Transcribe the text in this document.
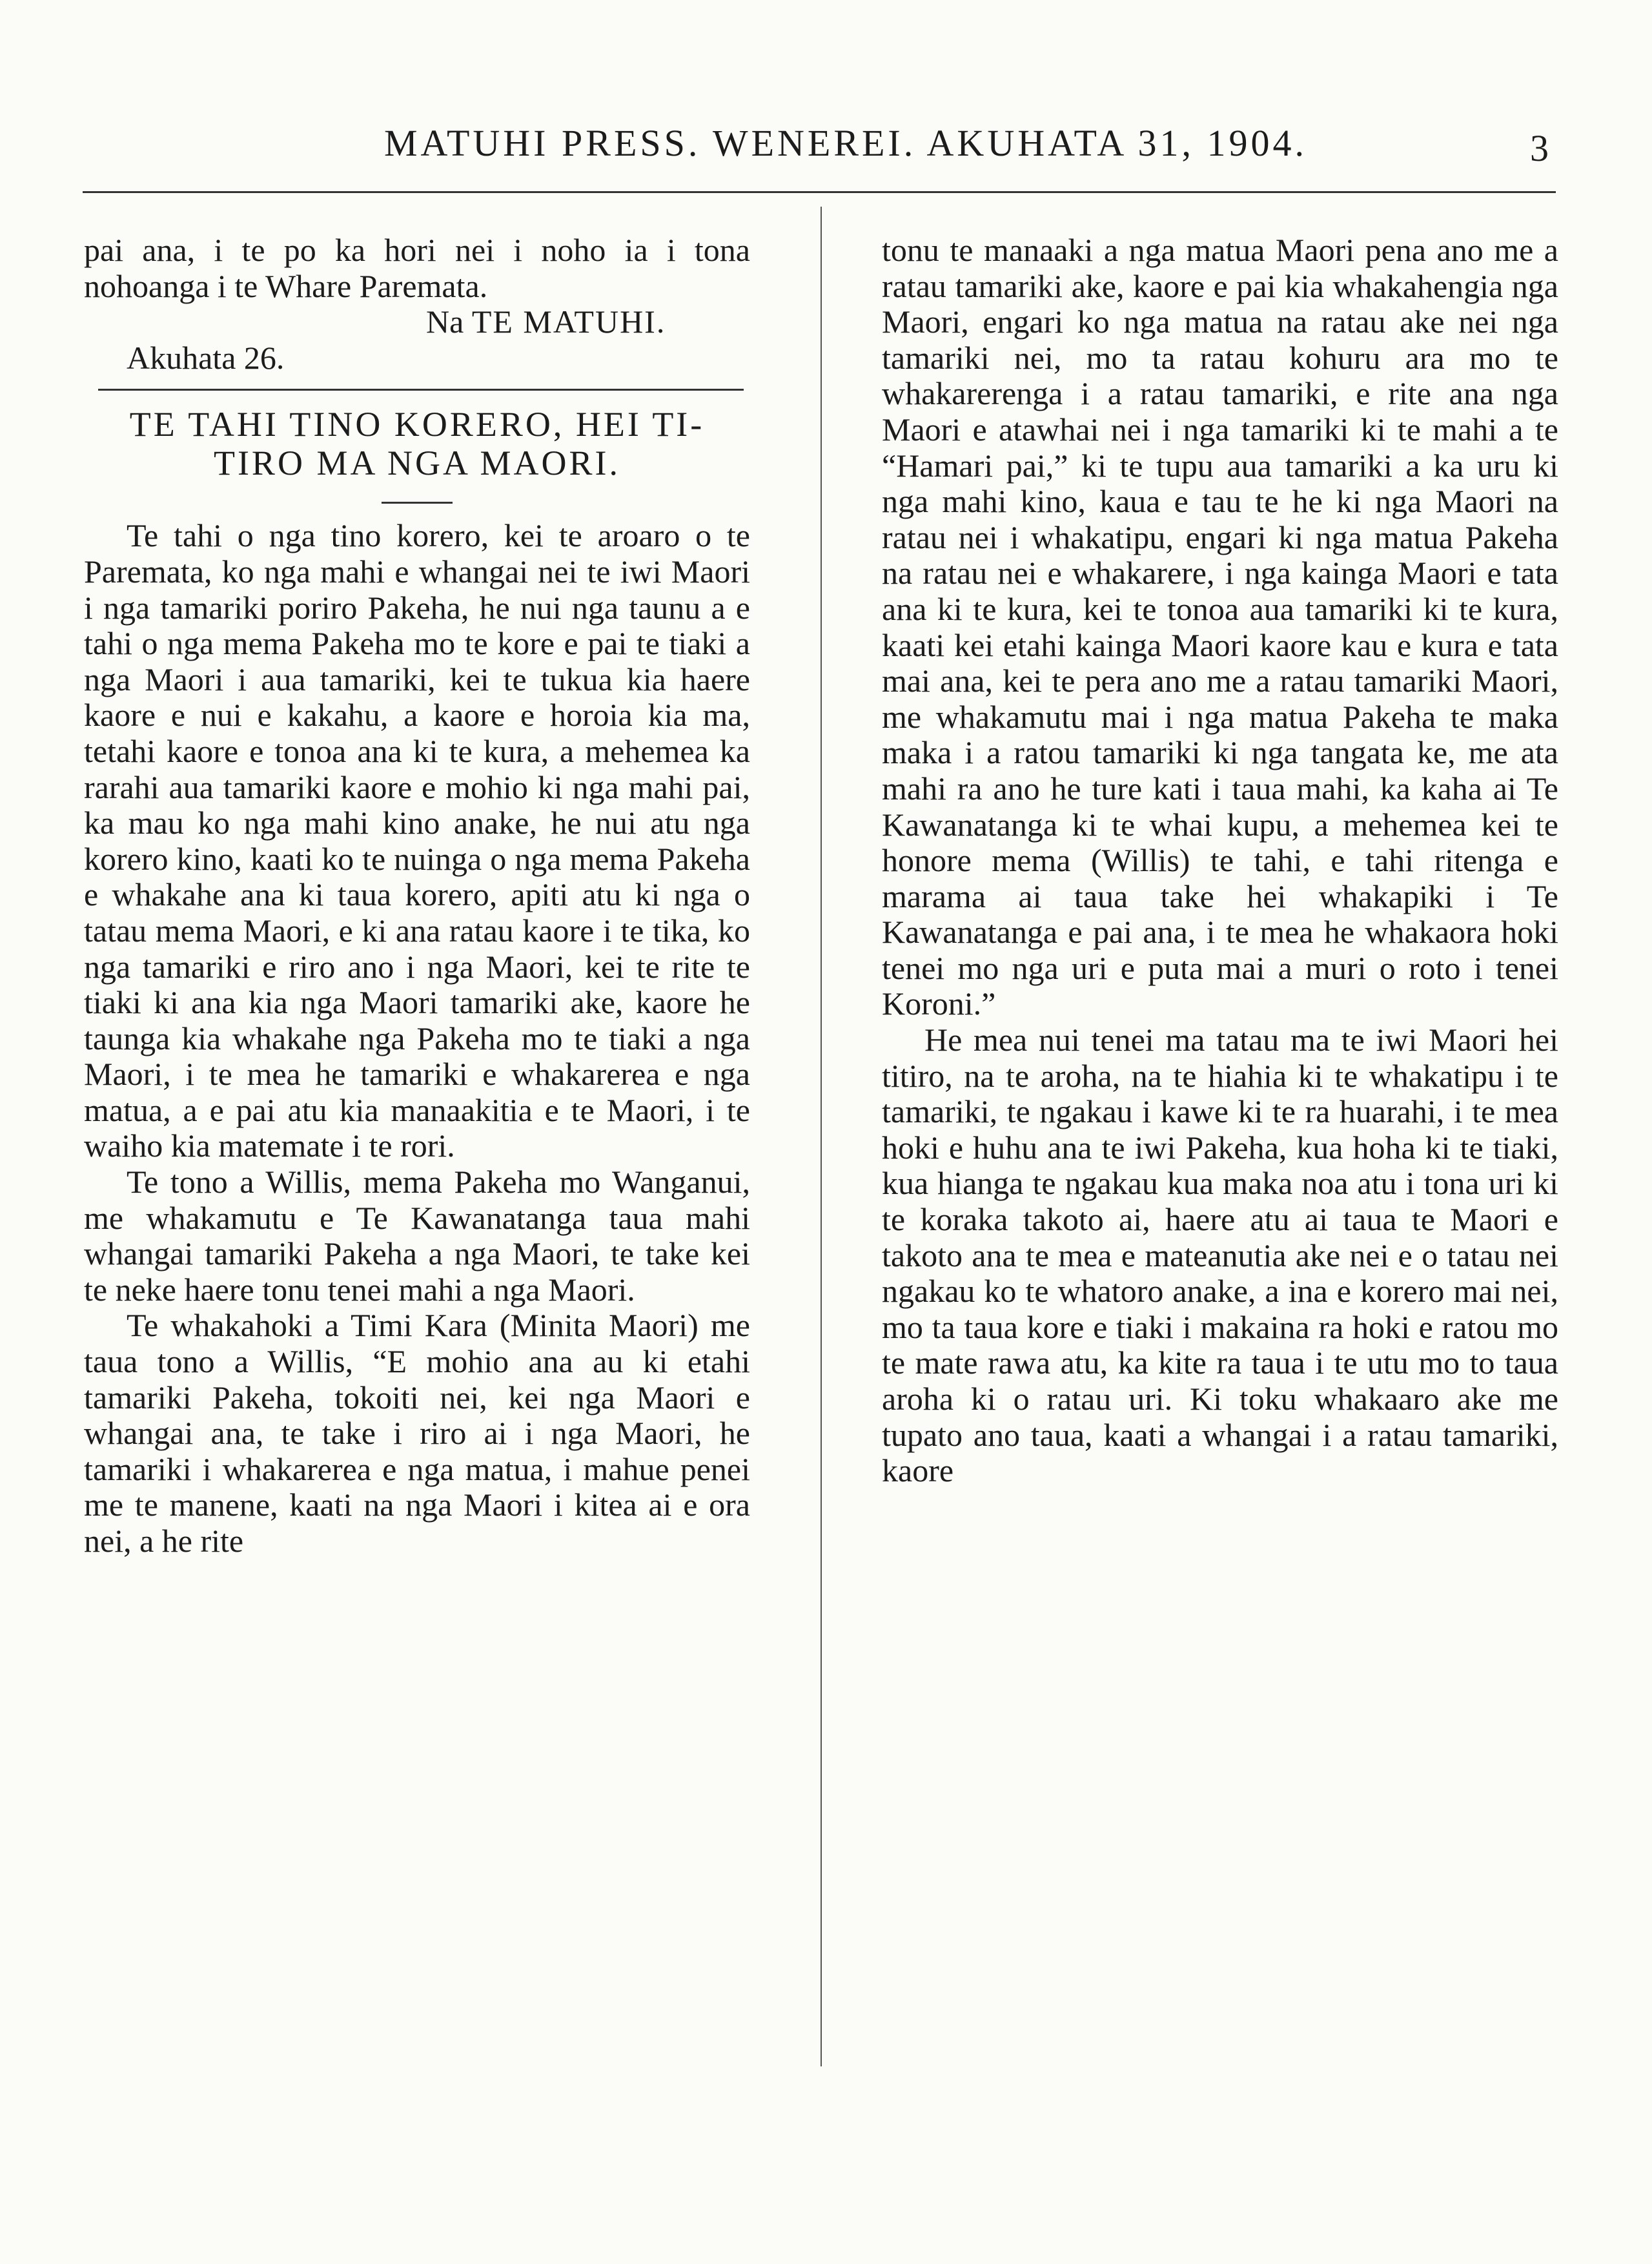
MATUHI PRESS. WENEREI. AKUHATA 31, 1904.	3

pai ana, i te po ka hori nei i noho ia i tona nohoanga i te Whare Paremata.

Na TE MATUHI.

Akuhata 26.

TE TAHI TINO KORERO, HEI TI-TIRO MA NGA MAORI.

Te tahi o nga tino korero, kei te aroaro o te Paremata, ko nga mahi e whangai nei te iwi Maori i nga tamariki poriro Pakeha, he nui nga taunu a e tahi o nga mema Pakeha mo te kore e pai te tiaki a nga Maori i aua tamariki, kei te tukua kia haere kaore e nui e kakahu, a kaore e horoia kia ma, tetahi kaore e tonoa ana ki te kura, a mehemea ka rarahi aua tamariki kaore e mohio ki nga mahi pai, ka mau ko nga mahi kino anake, he nui atu nga korero kino, kaati ko te nuinga o nga mema Pakeha e whakahe ana ki taua korero, apiti atu ki nga o tatau mema Maori, e ki ana ratau kaore i te tika, ko nga tamariki e riro ano i nga Maori, kei te rite te tiaki ki ana kia nga Maori tamariki ake, kaore he taunga kia whakahe nga Pakeha mo te tiaki a nga Maori, i te mea he tamariki e whakarerea e nga matua, a e pai atu kia manaakitia e te Maori, i te waiho kia matemate i te rori.

Te tono a Willis, mema Pakeha mo Wanganui, me whakamutu e Te Kawanatanga taua mahi whangai tamariki Pakeha a nga Maori, te take kei te neke haere tonu tenei mahi a nga Maori.

Te whakahoki a Timi Kara (Minita Maori) me taua tono a Willis, “E mohio ana au ki etahi tamariki Pakeha, tokoiti nei, kei nga Maori e whangai ana, te take i riro ai i nga Maori, he tamariki i whakarerea e nga matua, i mahue penei me te manene, kaati na nga Maori i kitea ai e ora nei, a he rite

tonu te manaaki a nga matua Maori pena ano me a ratau tamariki ake, kaore e pai kia whakahengia nga Maori, engari ko nga matua na ratau ake nei nga tamariki nei, mo ta ratau kohuru ara mo te whakarerenga i a ratau tamariki, e rite ana nga Maori e atawhai nei i nga tamariki ki te mahi a te “Hamari pai,” ki te tupu aua tamariki a ka uru ki nga mahi kino, kaua e tau te he ki nga Maori na ratau nei i whakatipu, engari ki nga matua Pakeha na ratau nei e whakarere, i nga kainga Maori e tata ana ki te kura, kei te tonoa aua tamariki ki te kura, kaati kei etahi kainga Maori kaore kau e kura e tata mai ana, kei te pera ano me a ratau tamariki Maori, me whakamutu mai i nga matua Pakeha te maka maka i a ratou tamariki ki nga tangata ke, me ata mahi ra ano he ture kati i taua mahi, ka kaha ai Te Kawanatanga ki te whai kupu, a mehemea kei te honore mema (Willis) te tahi, e tahi ritenga e marama ai taua take hei whakapiki i Te Kawanatanga e pai ana, i te mea he whakaora hoki tenei mo nga uri e puta mai a muri o roto i tenei Koroni.”

He mea nui tenei ma tatau ma te iwi Maori hei titiro, na te aroha, na te hiahia ki te whakatipu i te tamariki, te ngakau i kawe ki te ra huarahi, i te mea hoki e huhu ana te iwi Pakeha, kua hoha ki te tiaki, kua hianga te ngakau kua maka noa atu i tona uri ki te koraka takoto ai, haere atu ai taua te Maori e takoto ana te mea e mateanutia ake nei e o tatau nei ngakau ko te whatoro anake, a ina e korero mai nei, mo ta taua kore e tiaki i makaina ra hoki e ratou mo te mate rawa atu, ka kite ra taua i te utu mo to taua aroha ki o ratau uri. Ki toku whakaaro ake me tupato ano taua, kaati a whangai i a ratau tamariki, kaore
